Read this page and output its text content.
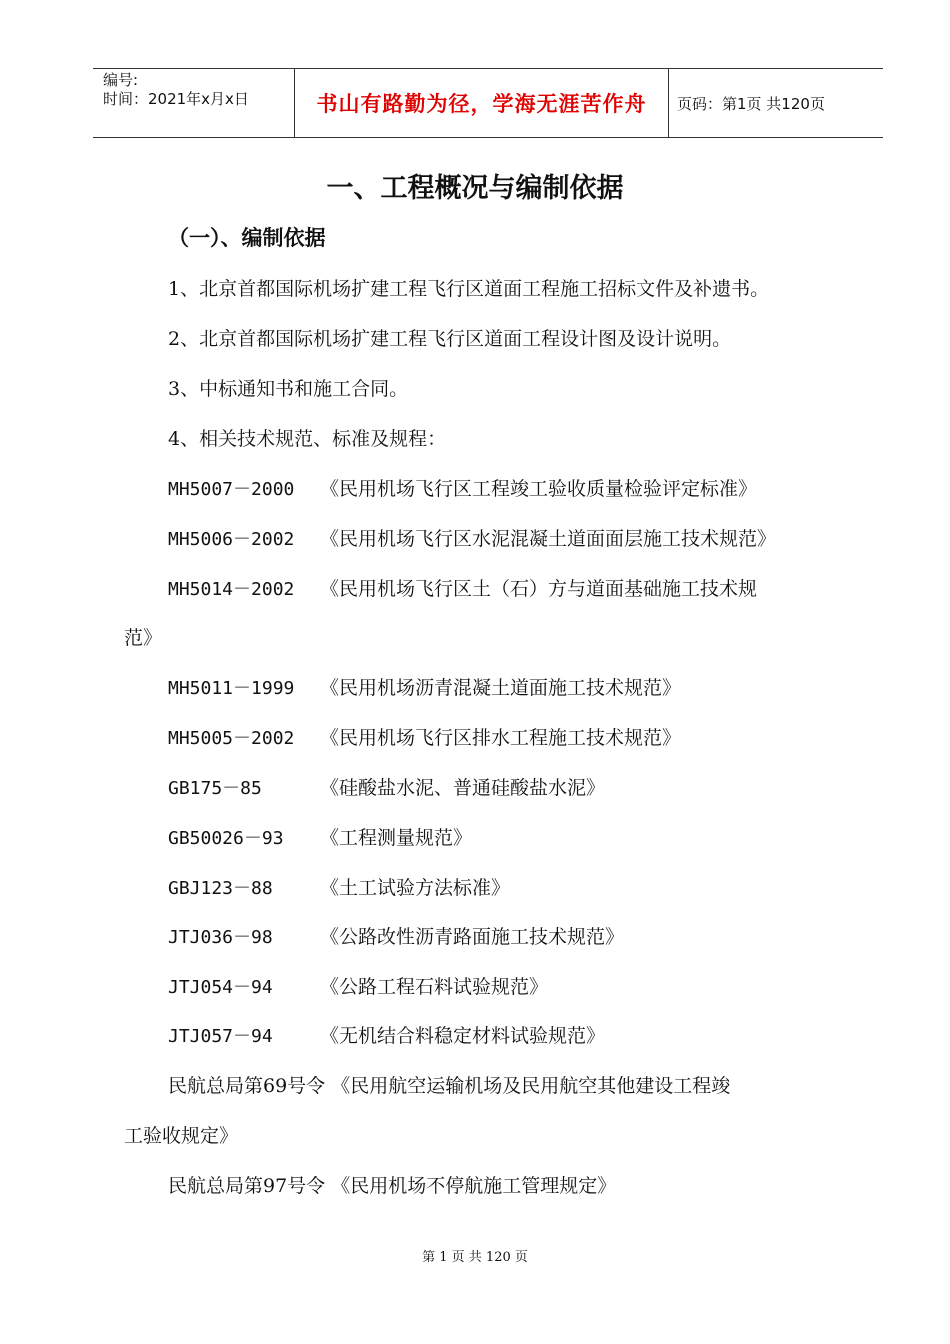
编号:
时间：2021年x月x日	书山有路勤为径，学海无涯苦作舟 页码：第1页 共120页
一、工程概况与编制依据
（一）、编制依据
1、北京首都国际机场扩建工程飞行区道面工程施工招标文件及补遗书。
2、北京首都国际机场扩建工程飞行区道面工程设计图及设计说明。
3、中标通知书和施工合同。
4、相关技术规范、标准及规程：
MH5007－2000 《民用机场飞行区工程竣工验收质量检验评定标准》
MH5006－2002 《民用机场飞行区水泥混凝土道面面层施工技术规范》
MH5014－2002 《民用机场飞行区土（石）方与道面基础施工技术规
范》
MH5011－1999 《民用机场沥青混凝土道面施工技术规范》
MH5005－2002 《民用机场飞行区排水工程施工技术规范》
GB175－85	《硅酸盐水泥、普通硅酸盐水泥》
GB50026－93 《工程测量规范》
GBJ123－88 《土工试验方法标准》
JTJ036－98 《公路改性沥青路面施工技术规范》
JTJ054－94 《公路工程石料试验规范》
JTJ057－94 《无机结合料稳定材料试验规范》
民航总局第69号令 《民用航空运输机场及民用航空其他建设工程竣
工验收规定》
民航总局第97号令 《民用机场不停航施工管理规定》
第 1 页 共 120 页
